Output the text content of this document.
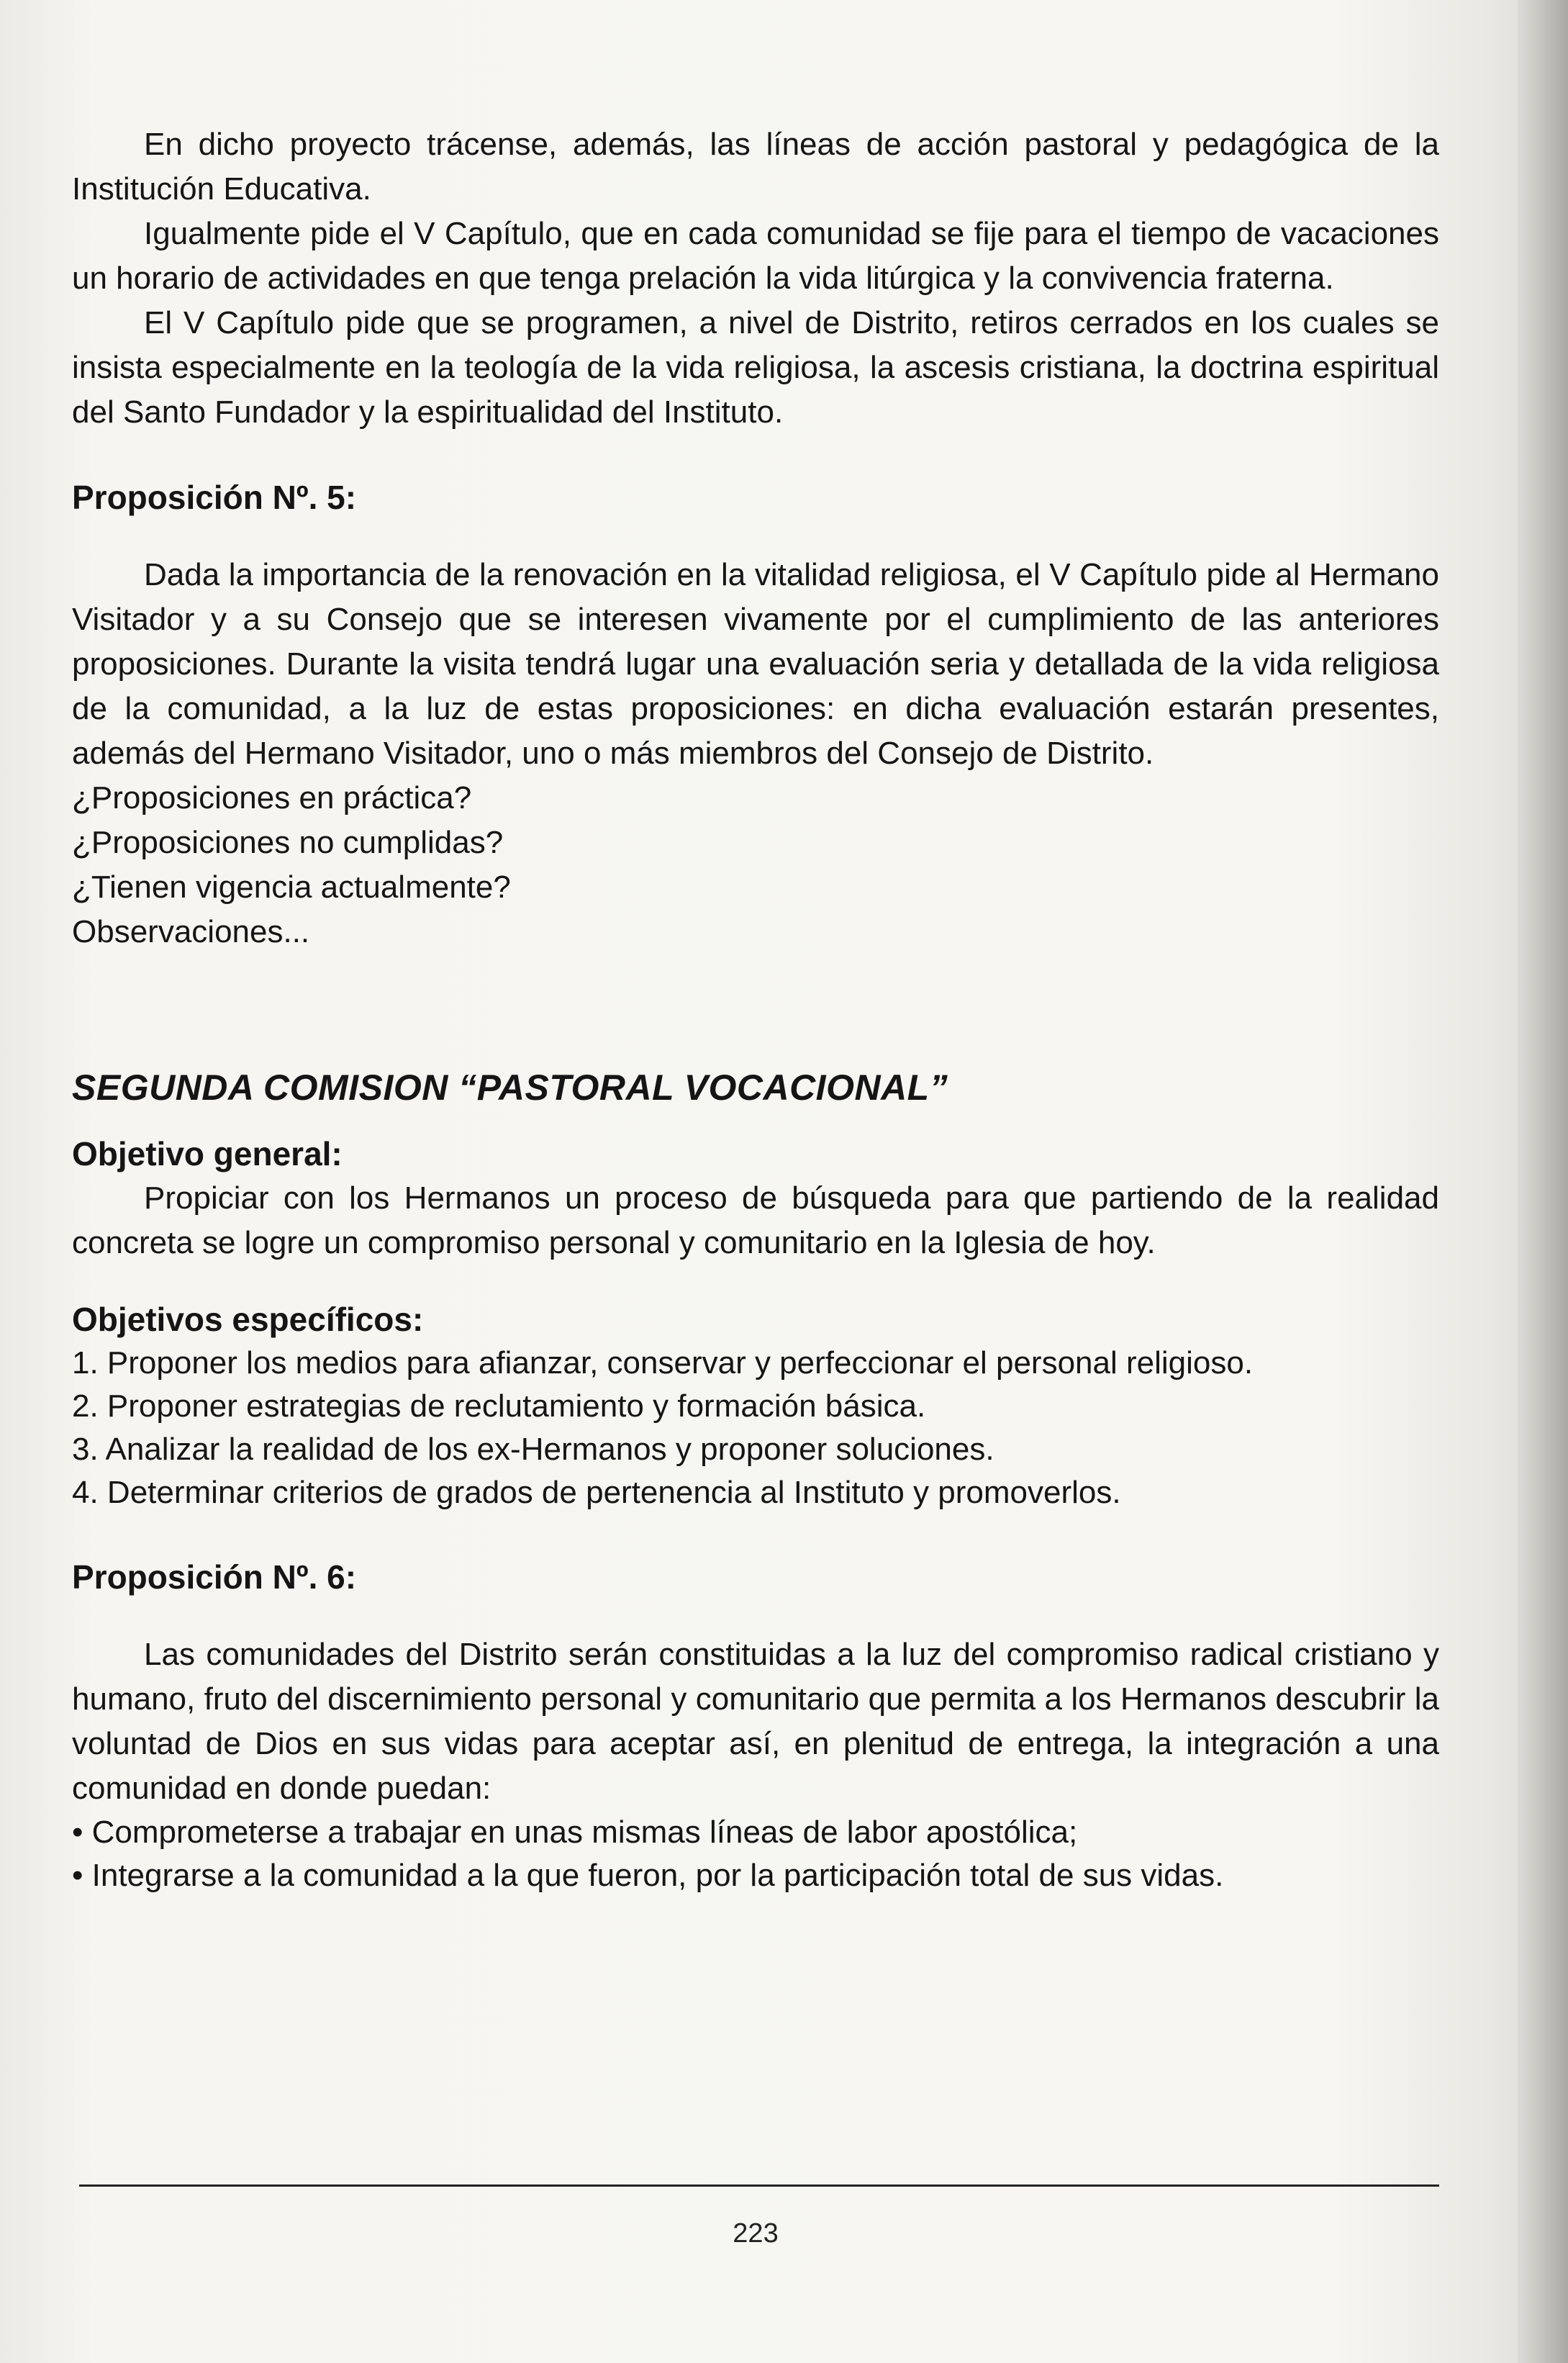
En dicho proyecto trácense, además, las líneas de acción pastoral y pedagógica de la Institución Educativa.

Igualmente pide el V Capítulo, que en cada comunidad se fije para el tiempo de vacaciones un horario de actividades en que tenga prelación la vida litúrgica y la convivencia fraterna.

El V Capítulo pide que se programen, a nivel de Distrito, retiros cerrados en los cuales se insista especialmente en la teología de la vida religiosa, la ascesis cristiana, la doctrina espiritual del Santo Fundador y la espiritualidad del Instituto.

Proposición Nº. 5:

Dada la importancia de la renovación en la vitalidad religiosa, el V Capítulo pide al Hermano Visitador y a su Consejo que se interesen vivamente por el cumplimiento de las anteriores proposiciones. Durante la visita tendrá lugar una evaluación seria y detallada de la vida religiosa de la comunidad, a la luz de estas proposiciones: en dicha evaluación estarán presentes, además del Hermano Visitador, uno o más miembros del Consejo de Distrito.

¿Proposiciones en práctica?

¿Proposiciones no cumplidas?

¿Tienen vigencia actualmente?

Observaciones...

SEGUNDA COMISION “PASTORAL VOCACIONAL”
Objetivo general:

Propiciar con los Hermanos un proceso de búsqueda para que partiendo de la realidad concreta se logre un compromiso personal y comunitario en la Iglesia de hoy.

Objetivos específicos:
1. Proponer los medios para afianzar, conservar y perfeccionar el personal religioso.
2. Proponer estrategias de reclutamiento y formación básica.
3. Analizar la realidad de los ex-Hermanos y proponer soluciones.
4. Determinar criterios de grados de pertenencia al Instituto y promoverlos.
Proposición Nº. 6:

Las comunidades del Distrito serán constituidas a la luz del compromiso radical cristiano y humano, fruto del discernimiento personal y comunitario que permita a los Hermanos descubrir la voluntad de Dios en sus vidas para aceptar así, en plenitud de entrega, la integración a una comunidad en donde puedan:

• Comprometerse a trabajar en unas mismas líneas de labor apostólica;
• Integrarse a la comunidad a la que fueron, por la participación total de sus vidas.
223
